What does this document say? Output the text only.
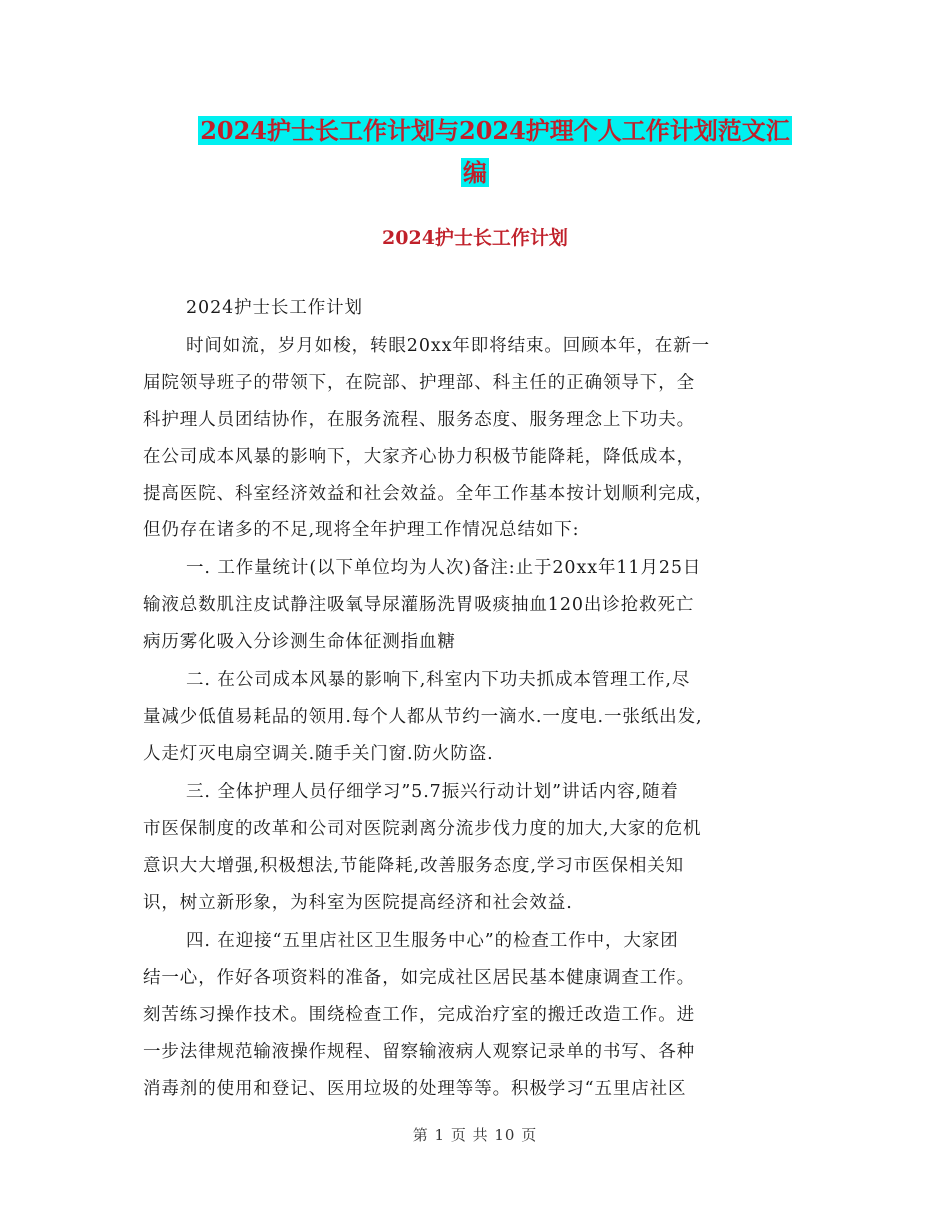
2024护士长工作计划与2024护理个人工作计划范文汇
编
2024护士长工作计划
2024护士长工作计划
时间如流，岁月如梭，转眼20xx年即将结束。回顾本年，在新一
届院领导班子的带领下，在院部、护理部、科主任的正确领导下，全
科护理人员团结协作，在服务流程、服务态度、服务理念上下功夫。
在公司成本风暴的影响下，大家齐心协力积极节能降耗，降低成本，
提高医院、科室经济效益和社会效益。全年工作基本按计划顺利完成，
但仍存在诸多的不足,现将全年护理工作情况总结如下:
一. 工作量统计(以下单位均为人次)备注:止于20xx年11月25日
输液总数肌注皮试静注吸氧导尿灌肠洗胃吸痰抽血120出诊抢救死亡
病历雾化吸入分诊测生命体征测指血糖
二. 在公司成本风暴的影响下,科室内下功夫抓成本管理工作,尽
量减少低值易耗品的领用.每个人都从节约一滴水.一度电.一张纸出发,
人走灯灭电扇空调关.随手关门窗.防火防盗.
三. 全体护理人员仔细学习”5.7振兴行动计划”讲话内容,随着
市医保制度的改革和公司对医院剥离分流步伐力度的加大,大家的危机
意识大大增强,积极想法,节能降耗,改善服务态度,学习市医保相关知
识，树立新形象，为科室为医院提高经济和社会效益.
四. 在迎接“五里店社区卫生服务中心”的检查工作中，大家团
结一心，作好各项资料的准备，如完成社区居民基本健康调查工作。
刻苦练习操作技术。围绕检查工作，完成治疗室的搬迁改造工作。进
一步法律规范输液操作规程、留察输液病人观察记录单的书写、各种
消毒剂的使用和登记、医用垃圾的处理等等。积极学习“五里店社区
第 1 页 共 10 页
